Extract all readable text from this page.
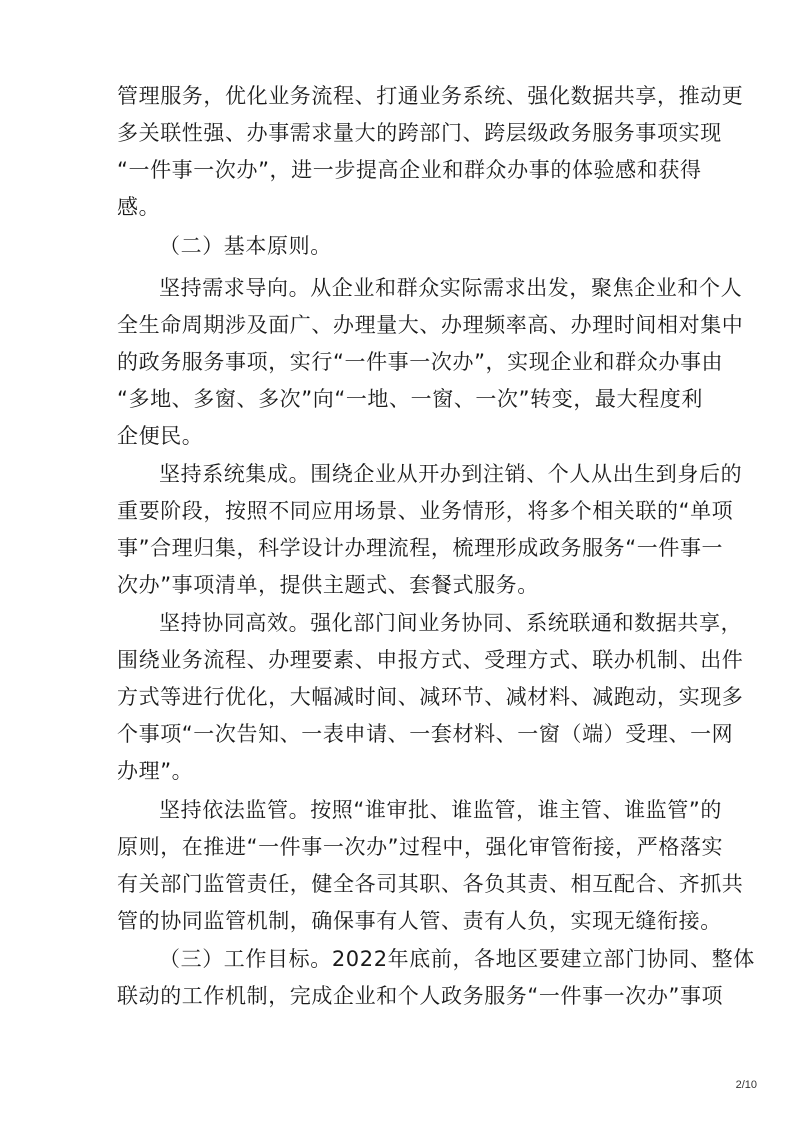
管理服务，优化业务流程、打通业务系统、强化数据共享，推动更
多关联性强、办事需求量大的跨部门、跨层级政务服务事项实现
“一件事一次办”，进一步提高企业和群众办事的体验感和获得
感。
（二）基本原则。
坚持需求导向。从企业和群众实际需求出发，聚焦企业和个人
全生命周期涉及面广、办理量大、办理频率高、办理时间相对集中
的政务服务事项，实行“一件事一次办”，实现企业和群众办事由
“多地、多窗、多次”向“一地、一窗、一次”转变，最大程度利
企便民。
坚持系统集成。围绕企业从开办到注销、个人从出生到身后的
重要阶段，按照不同应用场景、业务情形，将多个相关联的“单项
事”合理归集，科学设计办理流程，梳理形成政务服务“一件事一
次办”事项清单，提供主题式、套餐式服务。
坚持协同高效。强化部门间业务协同、系统联通和数据共享，
围绕业务流程、办理要素、申报方式、受理方式、联办机制、出件
方式等进行优化，大幅减时间、减环节、减材料、减跑动，实现多
个事项“一次告知、一表申请、一套材料、一窗（端）受理、一网
办理”。
坚持依法监管。按照“谁审批、谁监管，谁主管、谁监管”的
原则，在推进“一件事一次办”过程中，强化审管衔接，严格落实
有关部门监管责任，健全各司其职、各负其责、相互配合、齐抓共
管的协同监管机制，确保事有人管、责有人负，实现无缝衔接。
（三）工作目标。2022年底前，各地区要建立部门协同、整体
联动的工作机制，完成企业和个人政务服务“一件事一次办”事项
2/10
